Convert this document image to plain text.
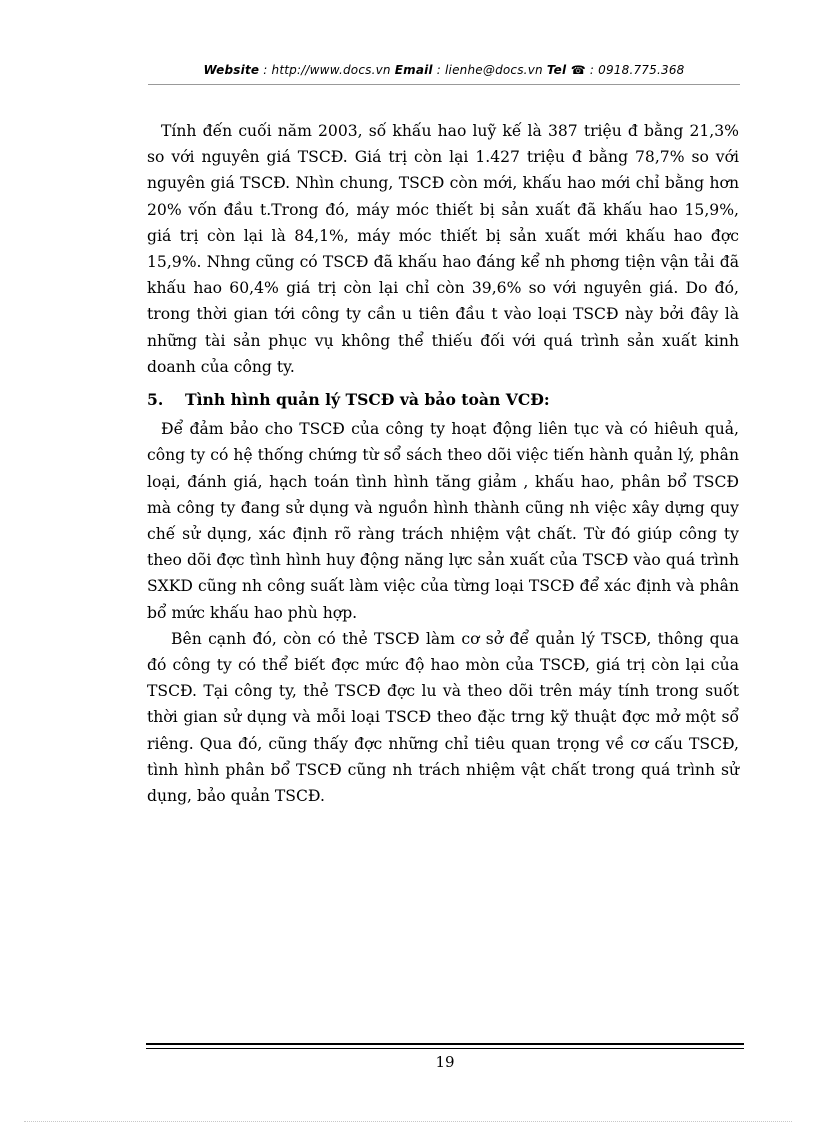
Website : http://www.docs.vn Email : lienhe@docs.vn Tel ☎ : 0918.775.368

Tính đến cuối năm 2003, số khấu hao luỹ kế là 387 triệu đ bằng 21,3% so với nguyên giá TSCĐ. Giá trị còn lại 1.427 triệu đ bằng 78,7% so với nguyên giá TSCĐ. Nhìn chung, TSCĐ còn mới, khấu hao mới chỉ bằng hơn 20% vốn đầu t.Trong đó, máy móc thiết bị sản xuất đã khấu hao 15,9%, giá trị còn lại là 84,1%, máy móc thiết bị sản xuất mới khấu hao đợc 15,9%. Nhng cũng có TSCĐ đã khấu hao đáng kể nh phơng tiện vận tải đã khấu hao 60,4% giá trị còn lại chỉ còn 39,6% so với nguyên giá. Do đó, trong thời gian tới công ty cần u tiên đầu t vào loại TSCĐ này bởi đây là những tài sản phục vụ không thể thiếu đối với quá trình sản xuất kinh doanh của công ty.

5. Tình hình quản lý TSCĐ và bảo toàn VCĐ:

Để đảm bảo cho TSCĐ của công ty hoạt động liên tục và có hiêuh quả, công ty có hệ thống chứng từ sổ sách theo dõi việc tiến hành quản lý, phân loại, đánh giá, hạch toán tình hình tăng giảm , khấu hao, phân bổ TSCĐ mà công ty đang sử dụng và nguồn hình thành cũng nh việc xây dựng quy chế sử dụng, xác định rõ ràng trách nhiệm vật chất. Từ đó giúp công ty theo dõi đợc tình hình huy động năng lực sản xuất của TSCĐ vào quá trình SXKD cũng nh công suất làm việc của từng loại TSCĐ để xác định và phân bổ mức khấu hao phù hợp.

Bên cạnh đó, còn có thẻ TSCĐ làm cơ sở để quản lý TSCĐ, thông qua đó công ty có thể biết đợc mức độ hao mòn của TSCĐ, giá trị còn lại của TSCĐ. Tại công ty, thẻ TSCĐ đợc lu và theo dõi trên máy tính trong suốt thời gian sử dụng và mỗi loại TSCĐ theo đặc trng kỹ thuật đợc mở một sổ riêng. Qua đó, cũng thấy đợc những chỉ tiêu quan trọng về cơ cấu TSCĐ, tình hình phân bổ TSCĐ cũng nh trách nhiệm vật chất trong quá trình sử dụng, bảo quản TSCĐ.

19
